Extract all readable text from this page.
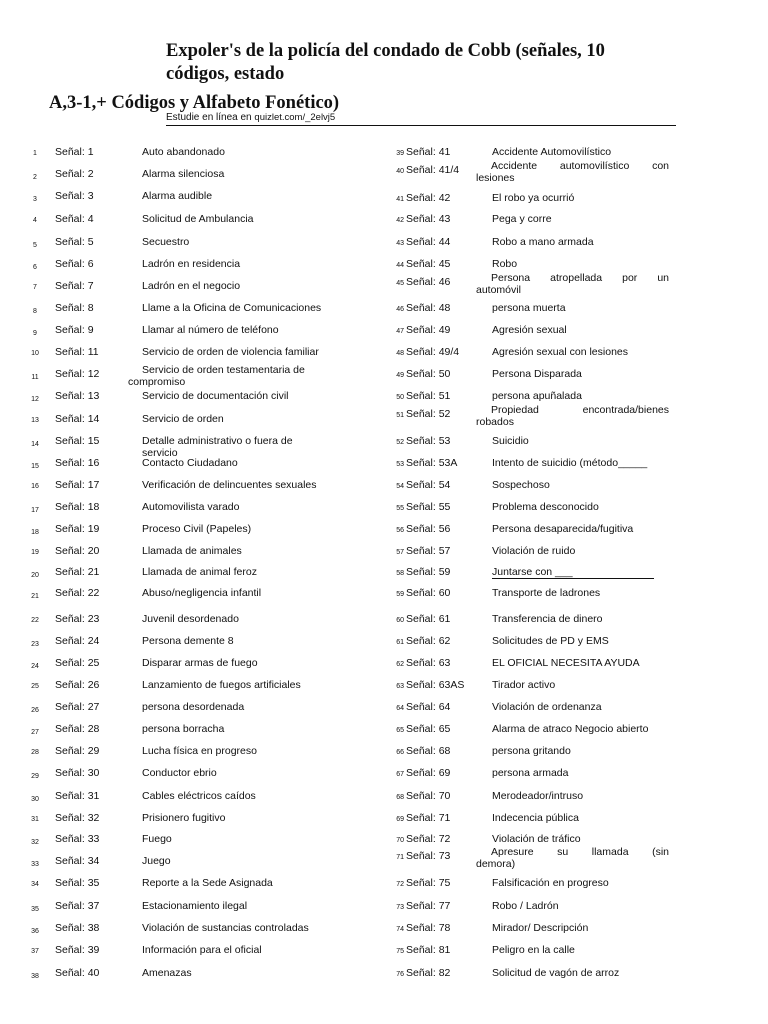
Expoler's de la policía del condado de Cobb (señales, 10 códigos, estado
A,3-1,+ Códigos y Alfabeto Fonético)
Estudie en línea en quizlet.com/_2elvj5
1	Señal: 1	Auto abandonado
2	Señal: 2	Alarma silenciosa
3	Señal: 3	Alarma audible
4	Señal: 4	Solicitud de Ambulancia
5	Señal: 5	Secuestro
6	Señal: 6	Ladrón en residencia
7	Señal: 7	Ladrón en el negocio
8	Señal: 8	Llame a la Oficina de Comunicaciones
9	Señal: 9	Llamar al número de teléfono
10	Señal: 11	Servicio de orden de violencia familiar
11	Señal: 12	Servicio de orden testamentaria de
compromiso
12	Señal: 13	Servicio de documentación civil
13	Señal: 14	Servicio de orden
14	Señal: 15	Detalle administrativo o fuera de servicio
15	Señal: 16	Contacto Ciudadano
16	Señal: 17	Verificación de delincuentes sexuales
17	Señal: 18	Automovilista varado
18	Señal: 19	Proceso Civil (Papeles)
19	Señal: 20	Llamada de animales
20	Señal: 21	Llamada de animal feroz
21	Señal: 22	Abuso/negligencia infantil
22	Señal: 23	Juvenil desordenado
23	Señal: 24	Persona demente 8
24	Señal: 25	Disparar armas de fuego
25	Señal: 26	Lanzamiento de fuegos artificiales
26	Señal: 27	persona desordenada
27	Señal: 28	persona borracha
28	Señal: 29	Lucha física en progreso
29	Señal: 30	Conductor ebrio
30	Señal: 31	Cables eléctricos caídos
31	Señal: 32	Prisionero fugitivo
32	Señal: 33	Fuego
33	Señal: 34	Juego
34	Señal: 35	Reporte a la Sede Asignada
35	Señal: 37	Estacionamiento ilegal
36	Señal: 38	Violación de sustancias controladas
37	Señal: 39	Información para el oficial
38	Señal: 40	Amenazas
39 Señal: 41	Accidente Automovilístico
40 Señal: 41/4	Accidente automovilístico con
lesiones
41 Señal: 42	El robo ya ocurrió
42 Señal: 43	Pega y corre
43 Señal: 44	Robo a mano armada
44 Señal: 45	Robo
45 Señal: 46	Persona atropellada por un
automóvil
46 Señal: 48	persona muerta
47 Señal: 49	Agresión sexual
48 Señal: 49/4	Agresión sexual con lesiones
49 Señal: 50	Persona Disparada
50 Señal: 51	persona apuñalada
51 Señal: 52	Propiedad encontrada/bienes
robados
52 Señal: 53	Suicidio
53 Señal: 53A	Intento de suicidio (método_____
54 Señal: 54	Sospechoso
55 Señal: 55	Problema desconocido
56 Señal: 56	Persona desaparecida/fugitiva
57 Señal: 57	Violación de ruido
58 Señal: 59	Juntarse con ___
59 Señal: 60	Transporte de ladrones
60 Señal: 61	Transferencia de dinero
61 Señal: 62	Solicitudes de PD y EMS
62 Señal: 63	EL OFICIAL NECESITA AYUDA
63 Señal: 63AS	Tirador activo
64 Señal: 64	Violación de ordenanza
65 Señal: 65	Alarma de atraco Negocio abierto
66 Señal: 68	persona gritando
67 Señal: 69	persona armada
68 Señal: 70	Merodeador/intruso
69 Señal: 71	Indecencia pública
70 Señal: 72	Violación de tráfico
71 Señal: 73	Apresure su llamada (sin
demora)
72 Señal: 75	Falsificación en progreso
73 Señal: 77	Robo / Ladrón
74 Señal: 78	Mirador/ Descripción
75 Señal: 81	Peligro en la calle
76 Señal: 82	Solicitud de vagón de arroz
